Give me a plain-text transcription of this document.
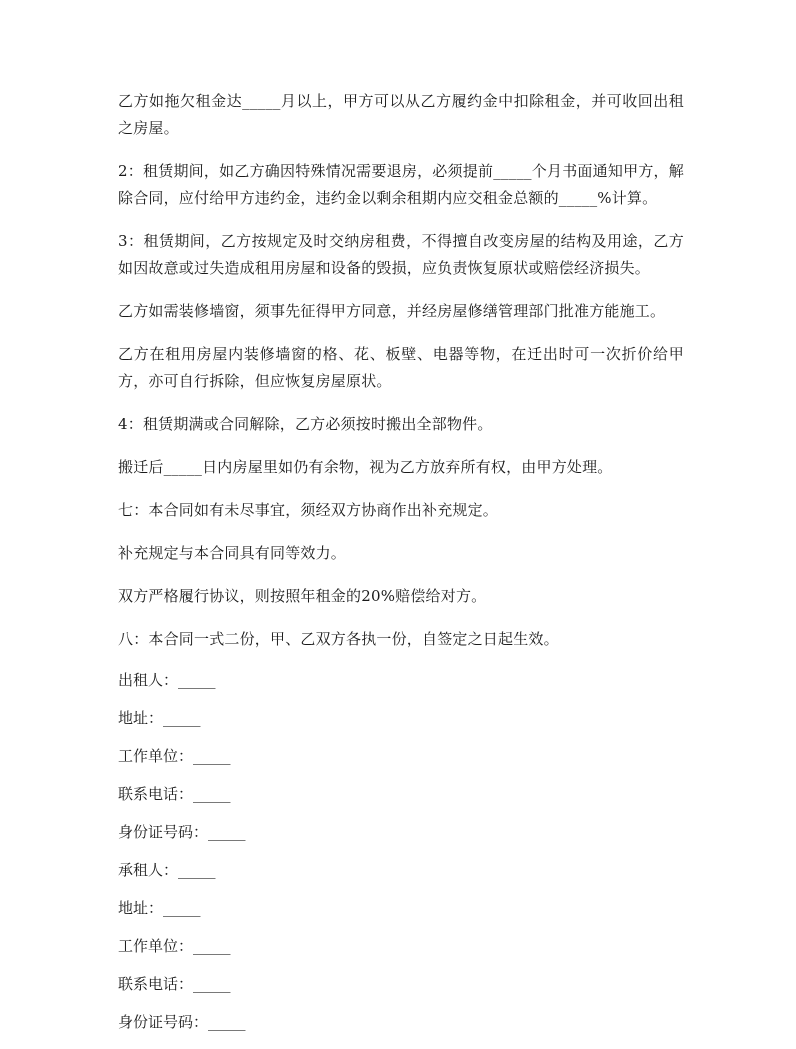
乙方如拖欠租金达_____月以上，甲方可以从乙方履约金中扣除租金，并可收回出租之房屋。

2：租赁期间，如乙方确因特殊情况需要退房，必须提前_____个月书面通知甲方，解除合同，应付给甲方违约金，违约金以剩余租期内应交租金总额的_____%计算。

3：租赁期间，乙方按规定及时交纳房租费，不得擅自改变房屋的结构及用途，乙方如因故意或过失造成租用房屋和设备的毁损，应负责恢复原状或赔偿经济损失。

乙方如需装修墙窗，须事先征得甲方同意，并经房屋修缮管理部门批准方能施工。

乙方在租用房屋内装修墙窗的格、花、板壁、电器等物，在迁出时可一次折价给甲方，亦可自行拆除，但应恢复房屋原状。

4：租赁期满或合同解除，乙方必须按时搬出全部物件。

搬迁后_____日内房屋里如仍有余物，视为乙方放弃所有权，由甲方处理。

七：本合同如有未尽事宜，须经双方协商作出补充规定。

补充规定与本合同具有同等效力。

双方严格履行协议，则按照年租金的20%赔偿给对方。

八：本合同一式二份，甲、乙双方各执一份，自签定之日起生效。

出租人：_____

地址：_____

工作单位：_____

联系电话：_____

身份证号码：_____

承租人：_____

地址：_____

工作单位：_____

联系电话：_____

身份证号码：_____
